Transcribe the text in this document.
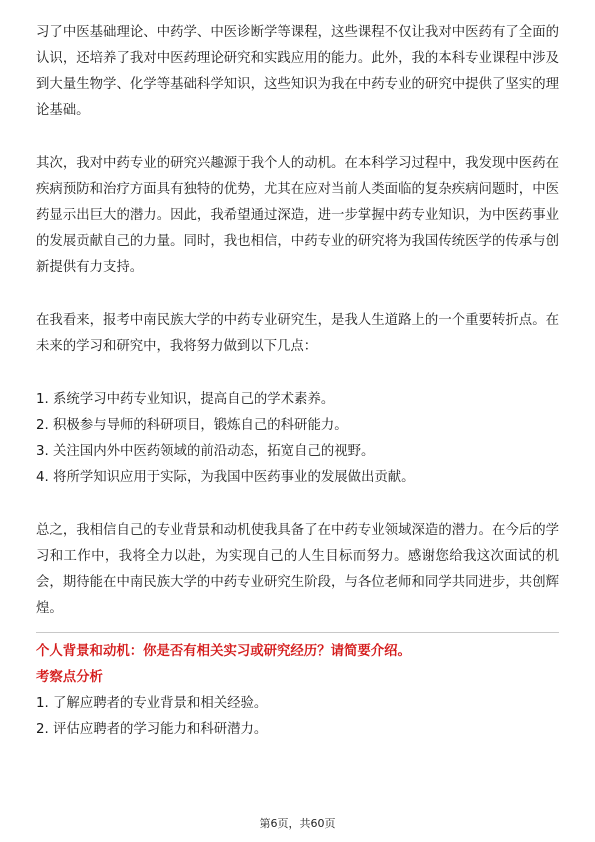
习了中医基础理论、中药学、中医诊断学等课程，这些课程不仅让我对中医药有了全面的认识，还培养了我对中医药理论研究和实践应用的能力。此外，我的本科专业课程中涉及到大量生物学、化学等基础科学知识，这些知识为我在中药专业的研究中提供了坚实的理论基础。

其次，我对中药专业的研究兴趣源于我个人的动机。在本科学习过程中，我发现中医药在疾病预防和治疗方面具有独特的优势，尤其在应对当前人类面临的复杂疾病问题时，中医药显示出巨大的潜力。因此，我希望通过深造，进一步掌握中药专业知识，为中医药事业的发展贡献自己的力量。同时，我也相信，中药专业的研究将为我国传统医学的传承与创新提供有力支持。

在我看来，报考中南民族大学的中药专业研究生，是我人生道路上的一个重要转折点。在未来的学习和研究中，我将努力做到以下几点：

1. 系统学习中药专业知识，提高自己的学术素养。

2. 积极参与导师的科研项目，锻炼自己的科研能力。

3. 关注国内外中医药领域的前沿动态，拓宽自己的视野。

4. 将所学知识应用于实际，为我国中医药事业的发展做出贡献。

总之，我相信自己的专业背景和动机使我具备了在中药专业领域深造的潜力。在今后的学习和工作中，我将全力以赴，为实现自己的人生目标而努力。感谢您给我这次面试的机会，期待能在中南民族大学的中药专业研究生阶段，与各位老师和同学共同进步，共创辉煌。

个人背景和动机：你是否有相关实习或研究经历？请简要介绍。

考察点分析

1. 了解应聘者的专业背景和相关经验。

2. 评估应聘者的学习能力和科研潜力。

第6页，共60页
